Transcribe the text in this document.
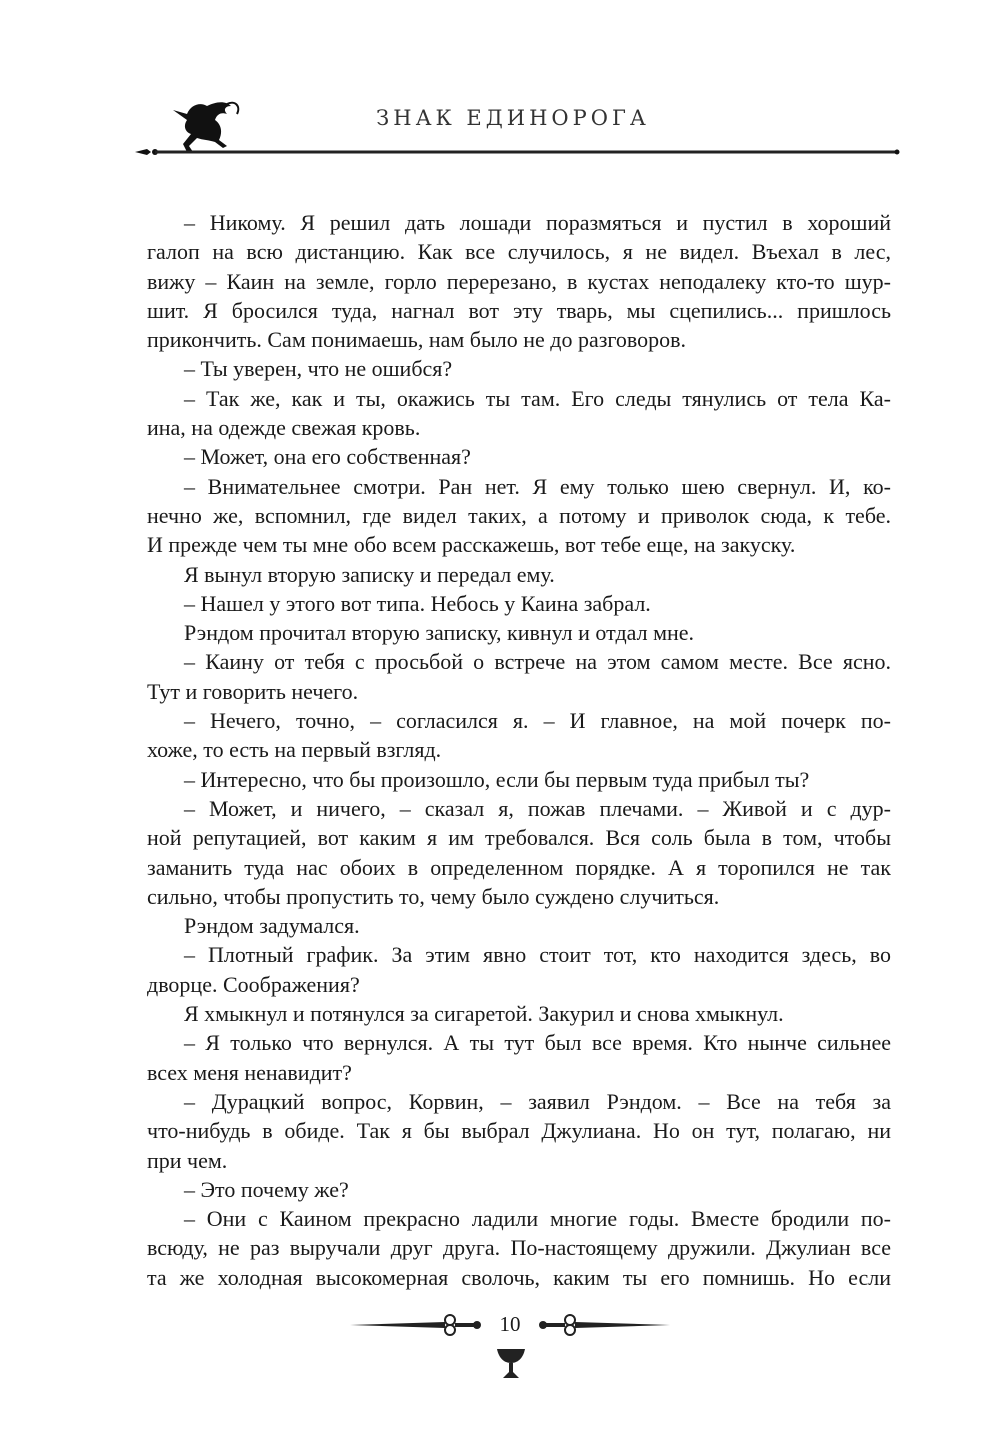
ЗНАК ЕДИНОРОГА
– Никому. Я решил дать лошади поразмяться и пустил в хороший
галоп на всю дистанцию. Как все случилось, я не видел. Въехал в лес,
вижу – Каин на земле, горло перерезано, в кустах неподалеку кто-то шур-
шит. Я бросился туда, нагнал вот эту тварь, мы сцепились... пришлось
прикончить. Сам понимаешь, нам было не до разговоров.
– Ты уверен, что не ошибся?
– Так же, как и ты, окажись ты там. Его следы тянулись от тела Ка-
ина, на одежде свежая кровь.
– Может, она его собственная?
– Внимательнее смотри. Ран нет. Я ему только шею свернул. И, ко-
нечно же, вспомнил, где видел таких, а потому и приволок сюда, к тебе.
И прежде чем ты мне обо всем расскажешь, вот тебе еще, на закуску.
Я вынул вторую записку и передал ему.
– Нашел у этого вот типа. Небось у Каина забрал.
Рэндом прочитал вторую записку, кивнул и отдал мне.
– Каину от тебя с просьбой о встрече на этом самом месте. Все ясно.
Тут и говорить нечего.
– Нечего, точно, – согласился я. – И главное, на мой почерк по-
хоже, то есть на первый взгляд.
– Интересно, что бы произошло, если бы первым туда прибыл ты?
– Может, и ничего, – сказал я, пожав плечами. – Живой и с дур-
ной репутацией, вот каким я им требовался. Вся соль была в том, чтобы
заманить туда нас обоих в определенном порядке. А я торопился не так
сильно, чтобы пропустить то, чему было суждено случиться.
Рэндом задумался.
– Плотный график. За этим явно стоит тот, кто находится здесь, во
дворце. Соображения?
Я хмыкнул и потянулся за сигаретой. Закурил и снова хмыкнул.
– Я только что вернулся. А ты тут был все время. Кто нынче сильнее
всех меня ненавидит?
– Дурацкий вопрос, Корвин, – заявил Рэндом. – Все на тебя за
что-нибудь в обиде. Так я бы выбрал Джулиана. Но он тут, полагаю, ни
при чем.
– Это почему же?
– Они с Каином прекрасно ладили многие годы. Вместе бродили по-
всюду, не раз выручали друг друга. По-настоящему дружили. Джулиан все
та же холодная высокомерная сволочь, каким ты его помнишь. Но если
10
